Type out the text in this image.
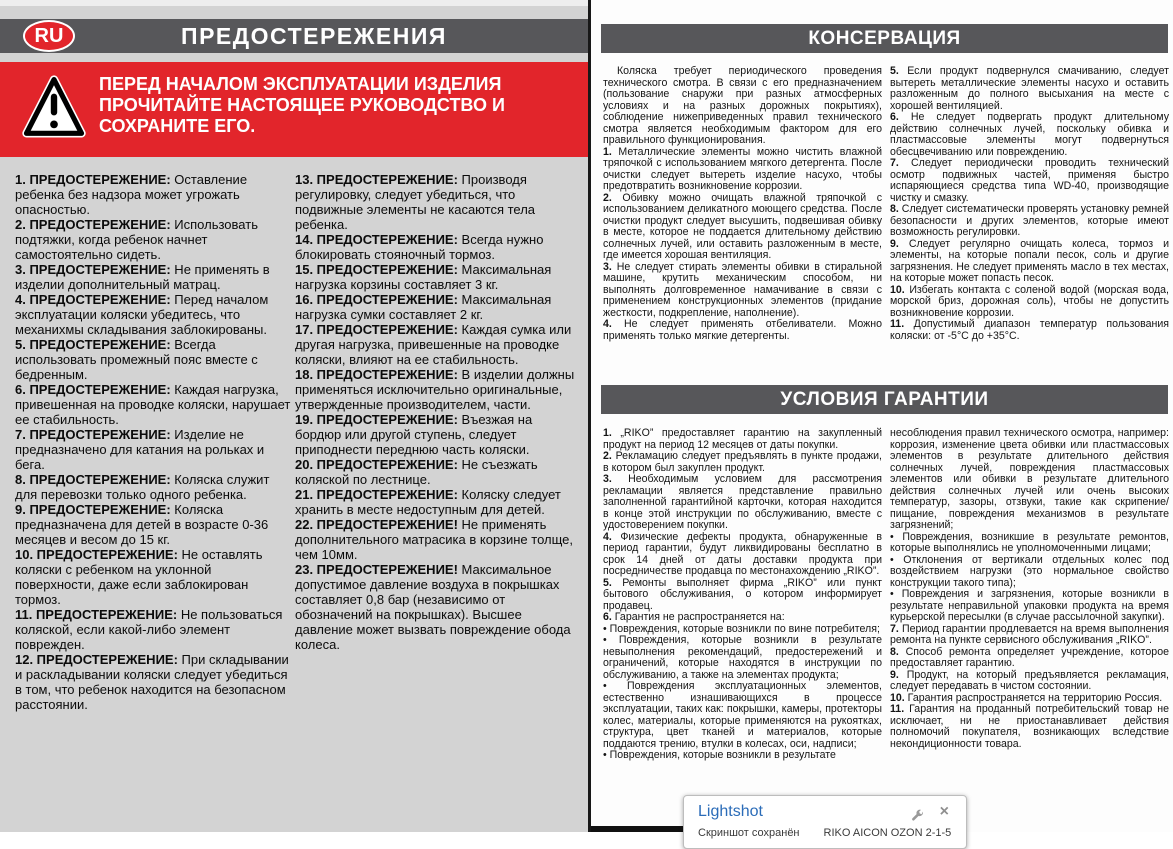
RU	ПРЕДОСТЕРЕЖЕНИЯ
ПЕРЕД НАЧАЛОМ ЭКСПЛУАТАЦИИ ИЗДЕЛИЯ ПРОЧИТАЙТЕ НАСТОЯЩЕЕ РУКОВОДСТВО И СОХРАНИТЕ ЕГО.

1. ПРЕДОСТЕРЕЖЕНИЕ: Оставление ребенка без надзора может угрожать опасностью.

2. ПРЕДОСТЕРЕЖЕНИЕ: Использовать подтяжки, когда ребенок начнет самостоятельно сидеть.

3. ПРЕДОСТЕРЕЖЕНИЕ: Не применять в изделии дополнительный матрац.

4. ПРЕДОСТЕРЕЖЕНИЕ: Перед началом эксплуатации коляски убедитесь, что механихмы складывания заблокированы.

5. ПРЕДОСТЕРЕЖЕНИЕ: Всегда использовать промежный пояс вместе с бедренным.

6. ПРЕДОСТЕРЕЖЕНИЕ: Каждая нагрузка, привешенная на проводке коляски, нарушает ее стабильность.

7. ПРЕДОСТЕРЕЖЕНИЕ: Изделие не предназначено для катания на рольках и бега.

8. ПРЕДОСТЕРЕЖЕНИЕ: Коляска служит для перевозки только одного ребенка.

9. ПРЕДОСТЕРЕЖЕНИЕ: Коляска предназначена для детей в возрасте 0-36 месяцев и весом до 15 кг.

10. ПРЕДОСТЕРЕЖЕНИЕ: Не оставлять коляски с ребенком на уклонной поверхности, даже если заблокирован тормоз.

11. ПРЕДОСТЕРЕЖЕНИЕ: Не пользоваться коляской, если какой-либо элемент поврежден.

12. ПРЕДОСТЕРЕЖЕНИЕ: При складывании и раскладывании коляски следует убедиться в том, что ребенок находится на безопасном расстоянии.

13. ПРЕДОСТЕРЕЖЕНИЕ: Производя регулировку, следует убедиться, что подвижные элементы не касаются тела ребенка.

14. ПРЕДОСТЕРЕЖЕНИЕ: Всегда нужно блокировать стояночный тормоз.

15. ПРЕДОСТЕРЕЖЕНИЕ: Максимальная нагрузка корзины составляет 3 кг.

16. ПРЕДОСТЕРЕЖЕНИЕ: Максимальная нагрузка сумки составляет 2 кг.

17. ПРЕДОСТЕРЕЖЕНИЕ: Каждая сумка или другая нагрузка, привешенные на проводке коляски, влияют на ее стабильность.

18. ПРЕДОСТЕРЕЖЕНИЕ: В изделии должны применяться исключительно оригинальные, утвержденные производителем, части.

19. ПРЕДОСТЕРЕЖЕНИЕ: Въезжая на бордюр или другой ступень, следует приподнести переднюю часть коляски.

20. ПРЕДОСТЕРЕЖЕНИЕ: Не съезжать коляской по лестнице.

21. ПРЕДОСТЕРЕЖЕНИЕ: Коляску следует хранить в месте недоступным для детей.

22. ПРЕДОСТЕРЕЖЕНИЕ! Не применять дополнительного матрасика в корзине толще, чем 10мм.

23. ПРЕДОСТЕРЕЖЕНИЕ! Максимальное допустимое давление воздуха в покрышках составляет 0,8 бар (независимо от обозначений на покрышках). Высшее давление может вызвать повреждение обода колеса.

КОНСЕРВАЦИЯ

Коляска требует периодического проведения технического смотра. В связи с его предназначением (пользование снаружи при разных атмосферных условиях и на разных дорожных покрытиях), соблюдение нижеприведенных правил технического смотра является необходимым фактором для его правильного функционирования.

1. Металлические элементы можно чистить влажной тряпочкой с использованием мягкого детергента. После очистки следует вытереть изделие насухо, чтобы предотвратить возникновение коррозии.

2. Обивку можно очищать влажной тряпочкой с использованием деликатного моющего средства. После очистки продукт следует высушить, подвешивая обивку в месте, которое не поддается длительному действию солнечных лучей, или оставить разложенным в месте, где имеется хорошая вентиляция.

3. Не следует стирать элементы обивки в стиральной машине, крутить механическим способом, ни выполнять долговременное намачивание в связи с применением конструкционных элементов (придание жесткости, подкрепление, наполнение).

4. Не следует применять отбеливатели. Можно применять только мягкие детергенты.

5. Если продукт подвернулся смачиванию, следует вытереть металлические элементы насухо и оставить разложенным до полного высыхания на месте с хорошей вентиляцией.

6. Не следует подвергать продукт длительному действию солнечных лучей, поскольку обивка и пластмассовые элементы могут подвернуться обесцвечиванию или повреждению.

7. Следует периодически проводить технический осмотр подвижных частей, применяя быстро испаряющиеся средства типа WD-40, производящие чистку и смазку.

8. Следует систематически проверять установку ремней безопасности и других элементов, которые имеют возможность регулировки.

9. Следует регулярно очищать колеса, тормоз и элементы, на которые попали песок, соль и другие загрязнения. Не следует применять масло в тех местах, на которые может попасть песок.

10. Избегать контакта с соленой водой (морская вода, морской бриз, дорожная соль), чтобы не допустить возникновение коррозии.

11. Допустимый диапазон температур пользования коляски: от -5°С до +35°С.

УСЛОВИЯ ГАРАНТИИ

1. „RIKO” предоставляет гарантию на закупленный продукт на период 12 месяцев от даты покупки.

2. Рекламацию следует предъявлять в пункте продажи, в котором был закуплен продукт.

3. Необходимым условием для рассмотрения рекламации является представление правильно заполненной гарантийной карточки, которая находится в конце этой инструкции по обслуживанию, вместе с удостоверением покупки.

4. Физические дефекты продукта, обнаруженные в период гарантии, будут ликвидированы бесплатно в срок 14 дней от даты доставки продукта при посредничестве продавца по местонахождению „RIKO”.

5. Ремонты выполняет фирма „RIKO” или пункт бытового обслуживания, о котором информирует продавец.

6. Гарантия не распространяется на:

• Повреждения, которые возникли по вине потребителя;

• Повреждения, которые возникли в результате невыполнения рекомендаций, предостережений и ограничений, которые находятся в инструкции по обслуживанию, а также на элементах продукта;

• Повреждения эксплуатационных элементов, естественно изнашивающихся в процессе эксплуатации, таких как: покрышки, камеры, протекторы колес, материалы, которые применяются на рукоятках, структура, цвет тканей и материалов, которые поддаются трению, втулки в колесах, оси, надписи;

• Повреждения, которые возникли в результате

несоблюдения правил технического осмотра, например: коррозия, изменение цвета обивки или пластмассовых элементов в результате длительного действия солнечных лучей, повреждения пластмассовых элементов или обивки в результате длительного действия солнечных лучей или очень высоких температур, зазоры, отзвуки, такие как скрипение/ пищание, повреждения механизмов в результате загрязнений;

• Повреждения, возникшие в результате ремонтов, которые выполнялись не уполномоченными лицами;

• Отклонения от вертикали отдельных колес под воздействием нагрузки (это нормальное свойство конструкции такого типа);

• Повреждения и загрязнения, которые возникли в результате неправильной упаковки продукта на время курьерской пересылки (в случае рассылочной закупки).

7. Период гарантии продлевается на время выполнения ремонта на пункте сервисного обслуживания „RIKO”.

8. Способ ремонта определяет учреждение, которое предоставляет гарантию.

9. Продукт, на который предъявляется рекламация, следует передавать в чистом состоянии.

10. Гарантия распространяется на территорию Россия.

11. Гарантия на проданный потребительский товар не исключает, ни не приостанавливает действия полномочий покупателя, возникающих вследствие некондиционности товара.

Lightshot	×
Скриншот сохранён RIKO AICON OZON 2-1-5
